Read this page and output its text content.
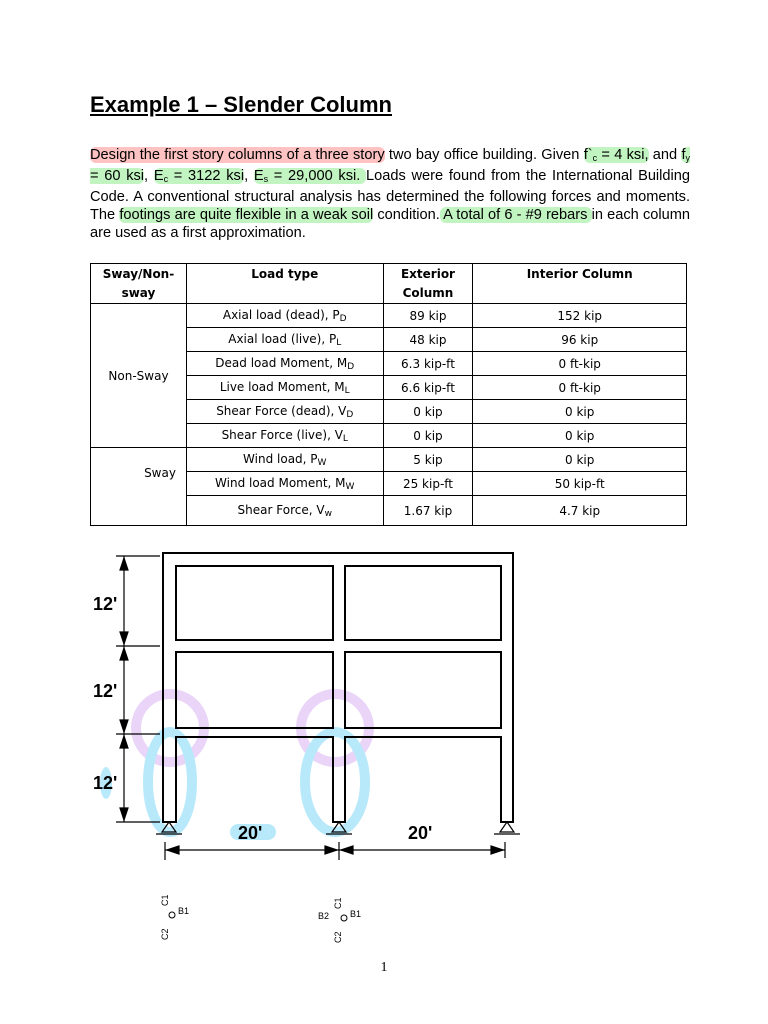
Example 1 – Slender Column
Design the first story columns of a three story two bay office building. Given $f`_c = 4$ ksi, and $f_y = 60$ ksi, $E_c = 3122$ ksi, $E_s = 29,000$ ksi. Loads were found from the International Building Code. A conventional structural analysis has determined the following forces and moments. The footings are quite flexible in a weak soil condition. A total of 6 - #9 rebars in each column are used as a first approximation.
Sway/Non-sway	Load type	Exterior Column	Interior Column
Non-Sway	Axial load (dead), $P_D$	89 kip	152 kip
	Axial load (live), $P_L$	48 kip	96 kip
	Dead load Moment, $M_D$	6.3 kip-ft	0 ft-kip
	Live load Moment, $M_L$	6.6 kip-ft	0 ft-kip
	Shear Force (dead), $V_D$	0 kip	0 kip
	Shear Force (live), $V_L$	0 kip	0 kip
Sway	Wind load, $P_W$	5 kip	0 kip
	Wind load Moment, $M_W$	25 kip-ft	50 kip-ft
	Shear Force, $V_w$	1.67 kip	4.7 kip
12'
12'
12'
20'	20'
C1
C2
B1
C1
C2
B1
B2
1
